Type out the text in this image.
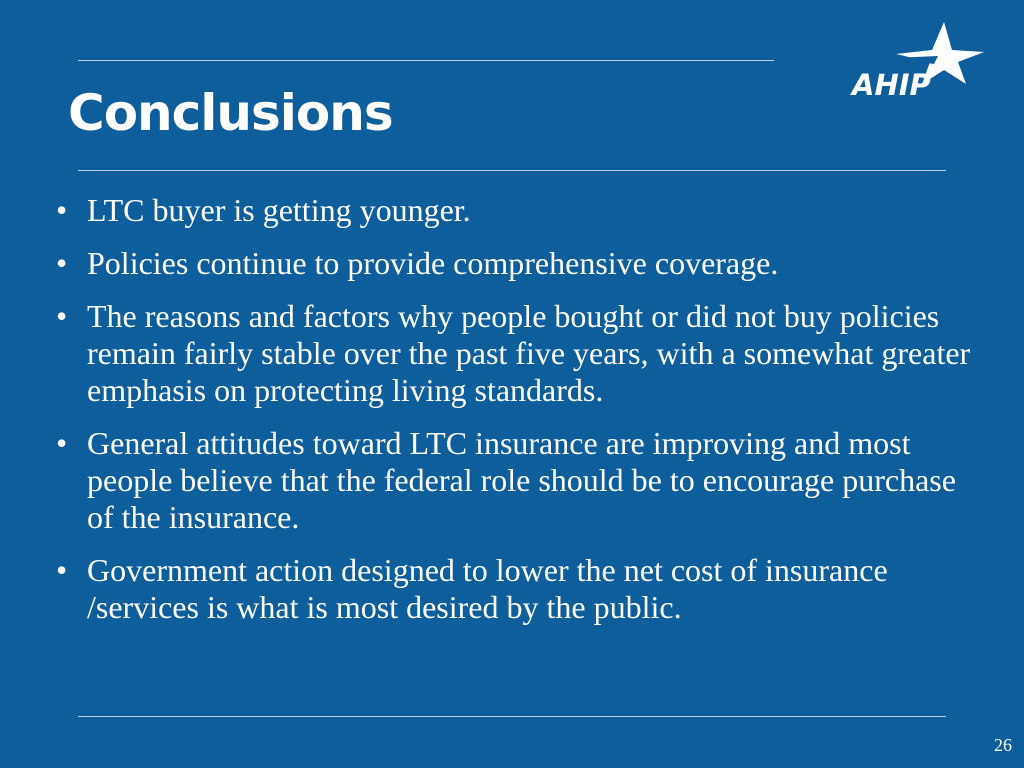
Conclusions	AHIP
• LTC buyer is getting younger.
• Policies continue to provide comprehensive coverage.
• The reasons and factors why people bought or did not buy policies remain fairly stable over the past five years, with a somewhat greater emphasis on protecting living standards.
• General attitudes toward LTC insurance are improving and most people believe that the federal role should be to encourage purchase of the insurance.
• Government action designed to lower the net cost of insurance /services is what is most desired by the public.
26
